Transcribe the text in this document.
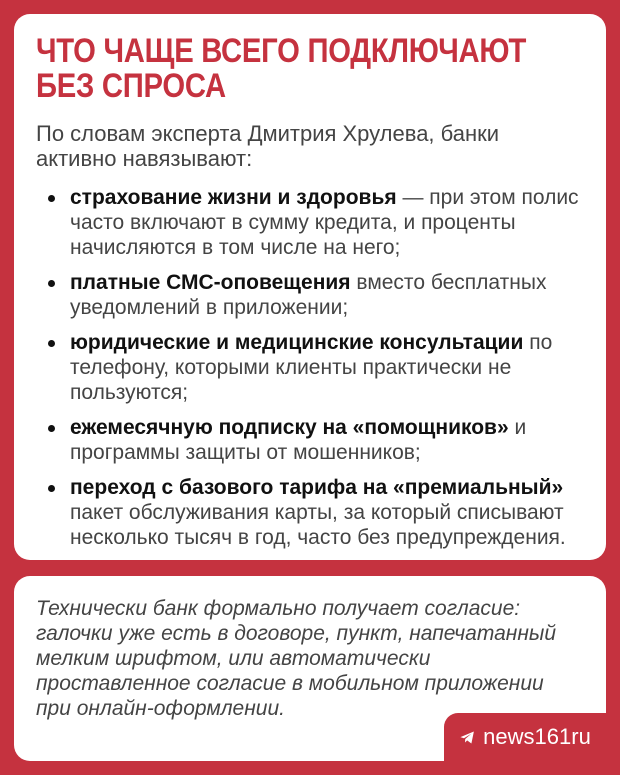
ЧТО ЧАЩЕ ВСЕГО ПОДКЛЮЧАЮТ
БЕЗ СПРОСА

По словам эксперта Дмитрия Хрулева, банки активно навязывают:

страхование жизни и здоровья — при этом полис часто включают в сумму кредита, и проценты начисляются в том числе на него;
платные СМС-оповещения вместо бесплатных уведомлений в приложении;
юридические и медицинские консультации по телефону, которыми клиенты практически не пользуются;
ежемесячную подписку на «помощников» и программы защиты от мошенников;
переход с базового тарифа на «премиальный» пакет обслуживания карты, за который списывают несколько тысяч в год, часто без предупреждения.

Технически банк формально получает согласие: галочки уже есть в договоре, пункт, напечатанный мелким шрифтом, или автоматически проставленное согласие в мобильном приложении при онлайн-оформлении.

news161ru
